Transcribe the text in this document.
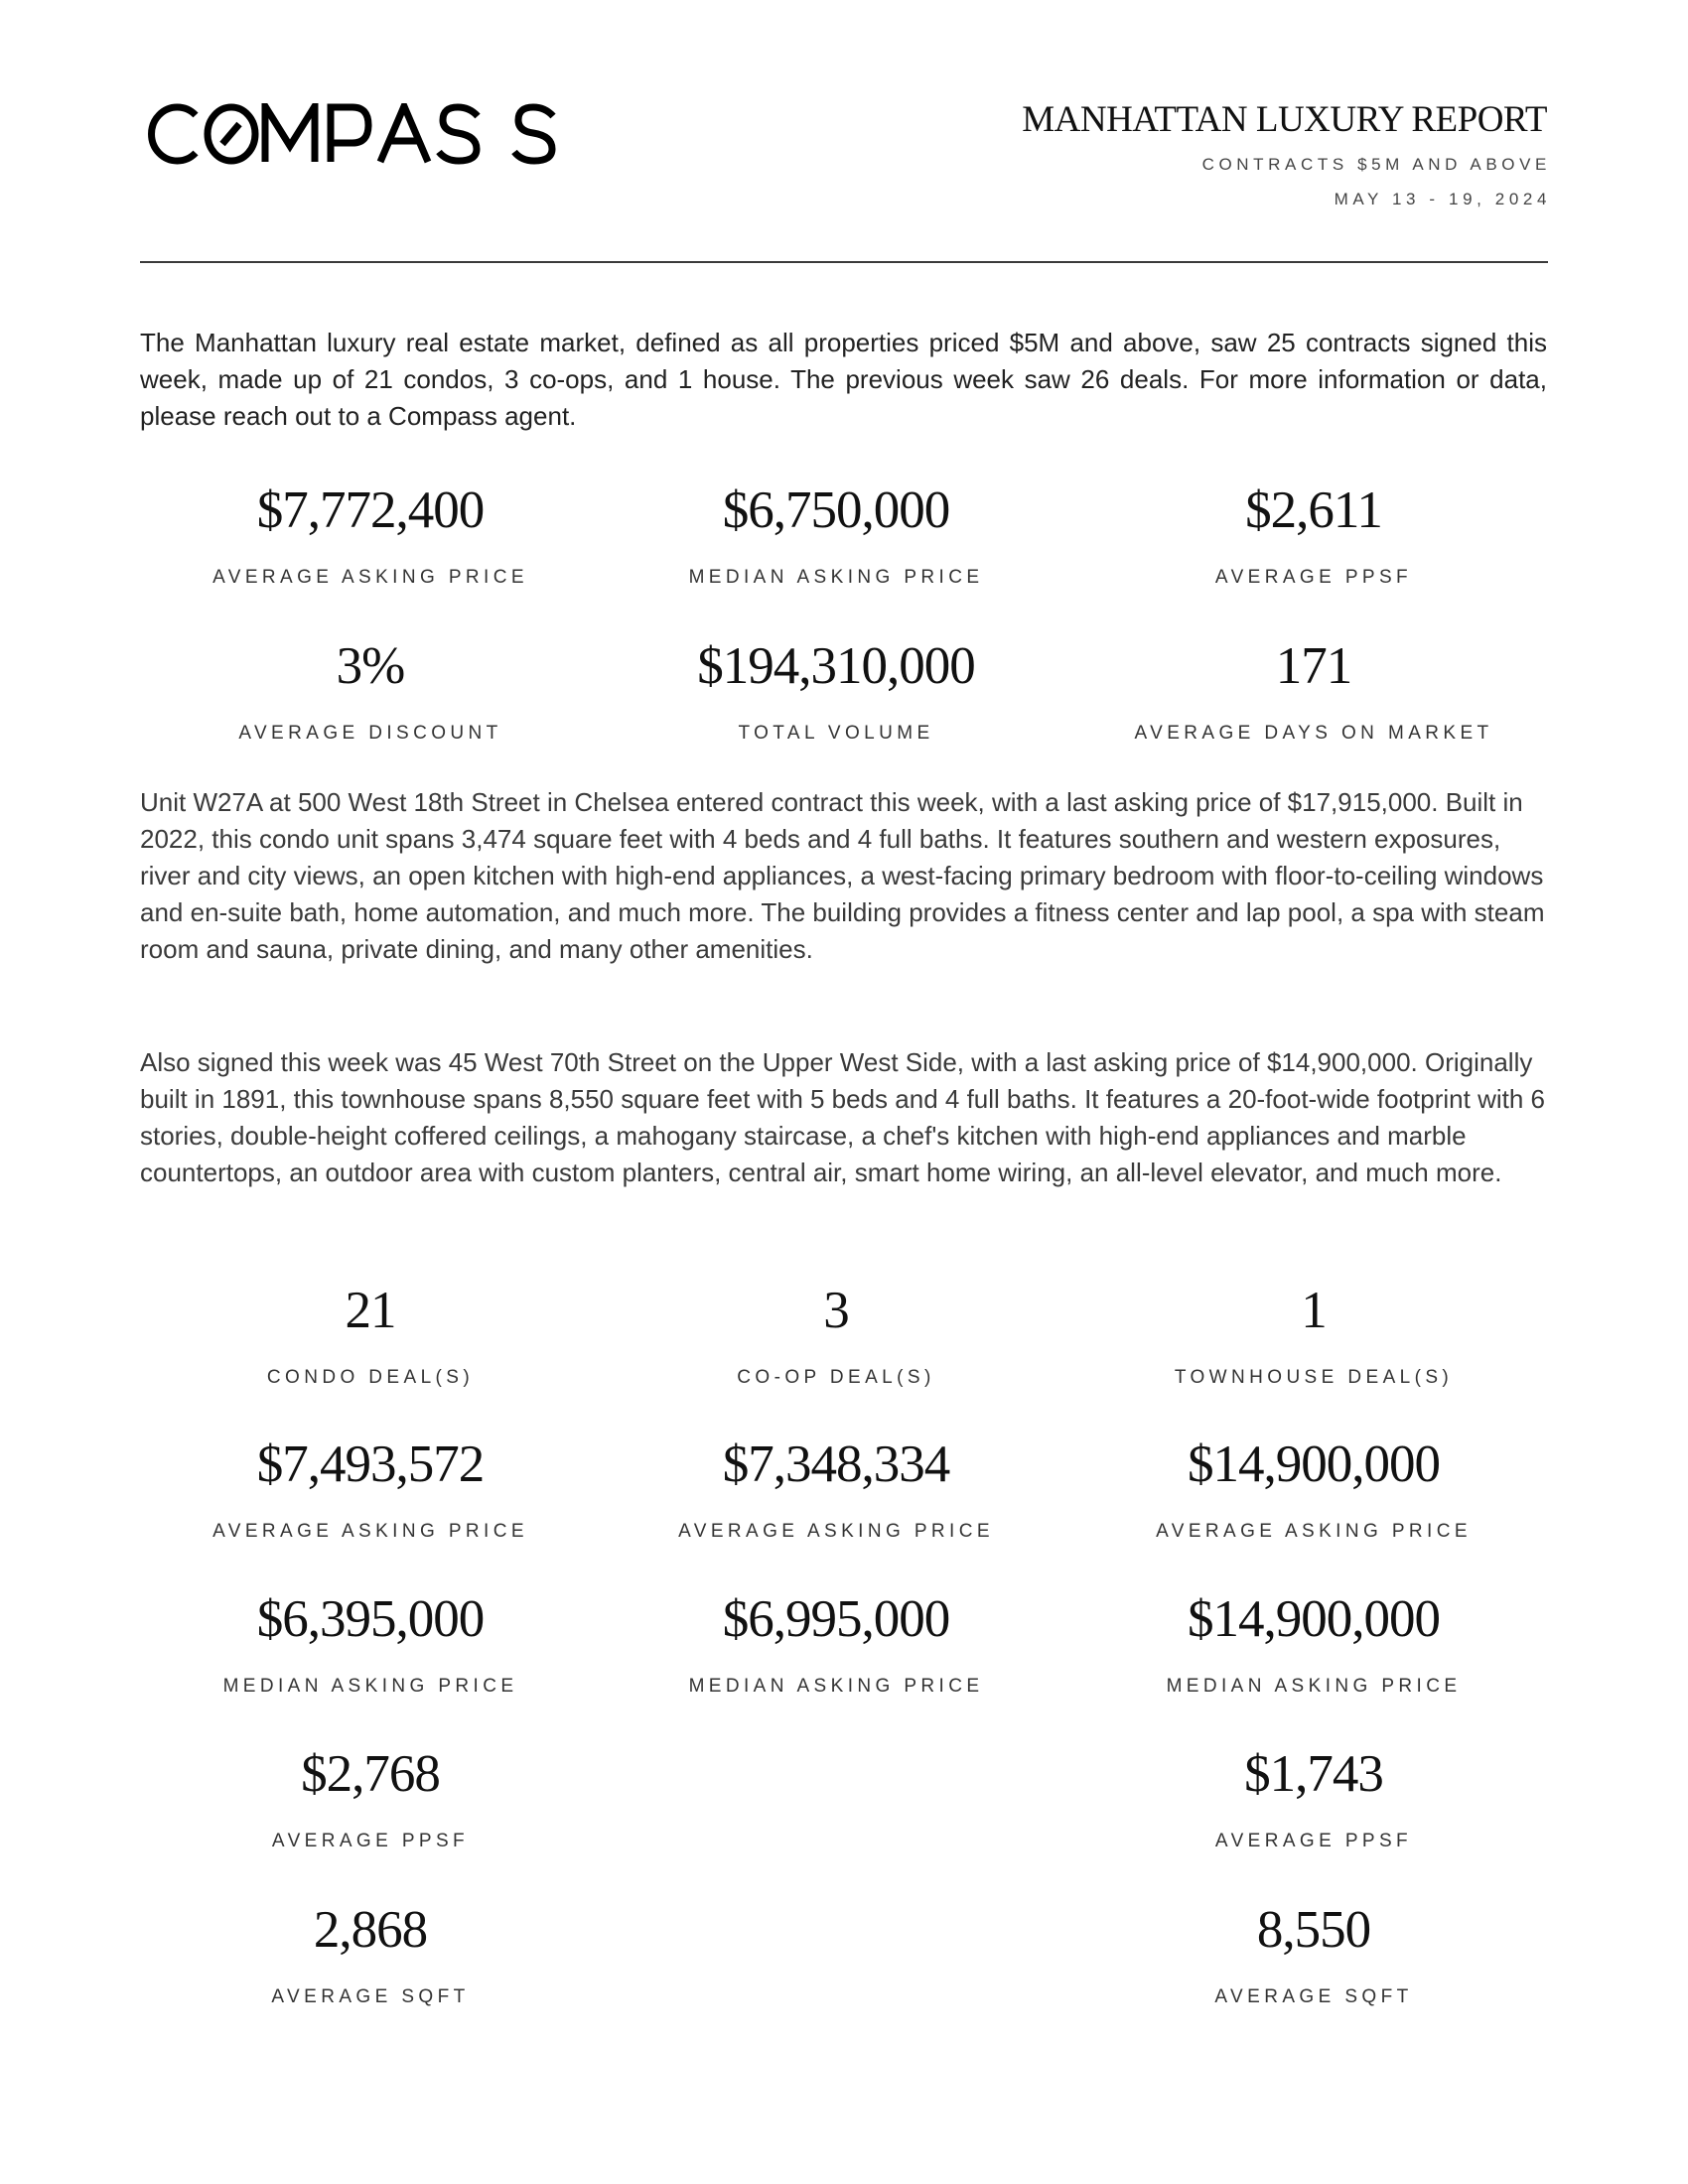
MANHATTAN LUXURY REPORT
CONTRACTS $5M AND ABOVE
MAY 13 - 19, 2024

The Manhattan luxury real estate market, defined as all properties priced $5M and above, saw 25 contracts signed this week, made up of 21 condos, 3 co-ops, and 1 house. The previous week saw 26 deals. For more information or data, please reach out to a Compass agent.

$7,772,400
AVERAGE ASKING PRICE
$6,750,000
MEDIAN ASKING PRICE
$2,611
AVERAGE PPSF
3%
AVERAGE DISCOUNT
$194,310,000
TOTAL VOLUME
171
AVERAGE DAYS ON MARKET

Unit W27A at 500 West 18th Street in Chelsea entered contract this week, with a last asking price of $17,915,000. Built in 2022, this condo unit spans 3,474 square feet with 4 beds and 4 full baths. It features southern and western exposures, river and city views, an open kitchen with high-end appliances, a west-facing primary bedroom with floor-to-ceiling windows and en-suite bath, home automation, and much more. The building provides a fitness center and lap pool, a spa with steam room and sauna, private dining, and many other amenities.

Also signed this week was 45 West 70th Street on the Upper West Side, with a last asking price of $14,900,000. Originally built in 1891, this townhouse spans 8,550 square feet with 5 beds and 4 full baths. It features a 20-foot-wide footprint with 6 stories, double-height coffered ceilings, a mahogany staircase, a chef's kitchen with high-end appliances and marble countertops, an outdoor area with custom planters, central air, smart home wiring, an all-level elevator, and much more.

21
CONDO DEAL(S)
$7,493,572
AVERAGE ASKING PRICE
$6,395,000
MEDIAN ASKING PRICE
$2,768
AVERAGE PPSF
2,868
AVERAGE SQFT
3
CO-OP DEAL(S)
$7,348,334
AVERAGE ASKING PRICE
$6,995,000
MEDIAN ASKING PRICE
1
TOWNHOUSE DEAL(S)
$14,900,000
AVERAGE ASKING PRICE
$14,900,000
MEDIAN ASKING PRICE
$1,743
AVERAGE PPSF
8,550
AVERAGE SQFT
